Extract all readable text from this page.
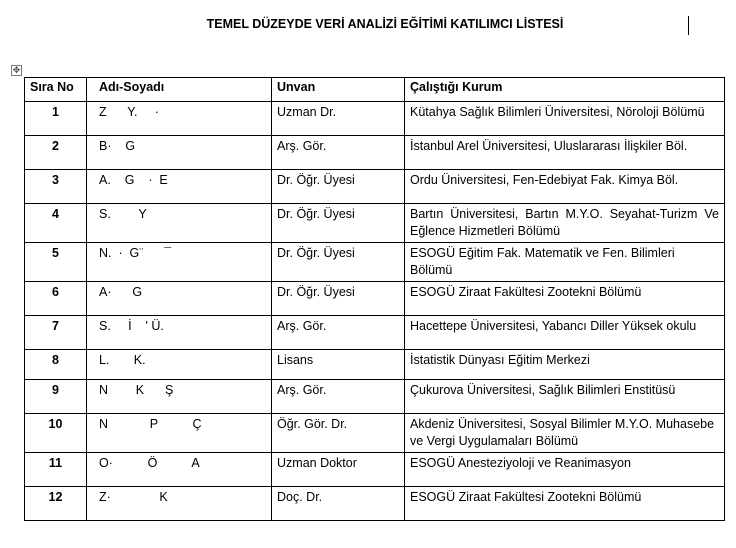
TEMEL DÜZEYDE VERİ ANALİZİ EĞİTİMİ KATILIMCI LİSTESİ
✥
Sıra No	Adı-Soyadı	Unvan	Çalıştığı Kurum
1	Z      Y.     ·	Uzman Dr.	Kütahya Sağlık Bilimleri Üniversitesi, Nöroloji Bölümü
2	B·    G	Arş. Gör.	İstanbul Arel Üniversitesi, Uluslararası İlişkiler Böl.
3	A.    G    ·  E	Dr. Öğr. Üyesi	Ordu Üniversitesi, Fen-Edebiyat Fak. Kimya Böl.
4	S.        Y	Dr. Öğr. Üyesi	Bartın Üniversitesi, Bartın M.Y.O. Seyahat-Turizm Ve Eğlence Hizmetleri Bölümü
5	N.  ·  G¨      ¯	Dr. Öğr. Üyesi	ESOGÜ Eğitim Fak. Matematik ve Fen. Bilimleri Bölümü
6	A·      G	Dr. Öğr. Üyesi	ESOGÜ Ziraat Fakültesi Zootekni Bölümü
7	S.     İ    ' Ü.	Arş. Gör.	Hacettepe Üniversitesi, Yabancı Diller Yüksek okulu
8	L.       K.	Lisans	İstatistik Dünyası Eğitim Merkezi
9	N        K      Ş	Arş. Gör.	Çukurova Üniversitesi, Sağlık Bilimleri Enstitüsü
10	N            P          Ç	Öğr. Gör. Dr.	Akdeniz Üniversitesi, Sosyal Bilimler M.Y.O. Muhasebe ve Vergi Uygulamaları Bölümü
11	O·          Ö          A	Uzman Doktor	ESOGÜ Anesteziyoloji ve Reanimasyon
12	Z·              K	Doç. Dr.	ESOGÜ Ziraat Fakültesi Zootekni Bölümü
